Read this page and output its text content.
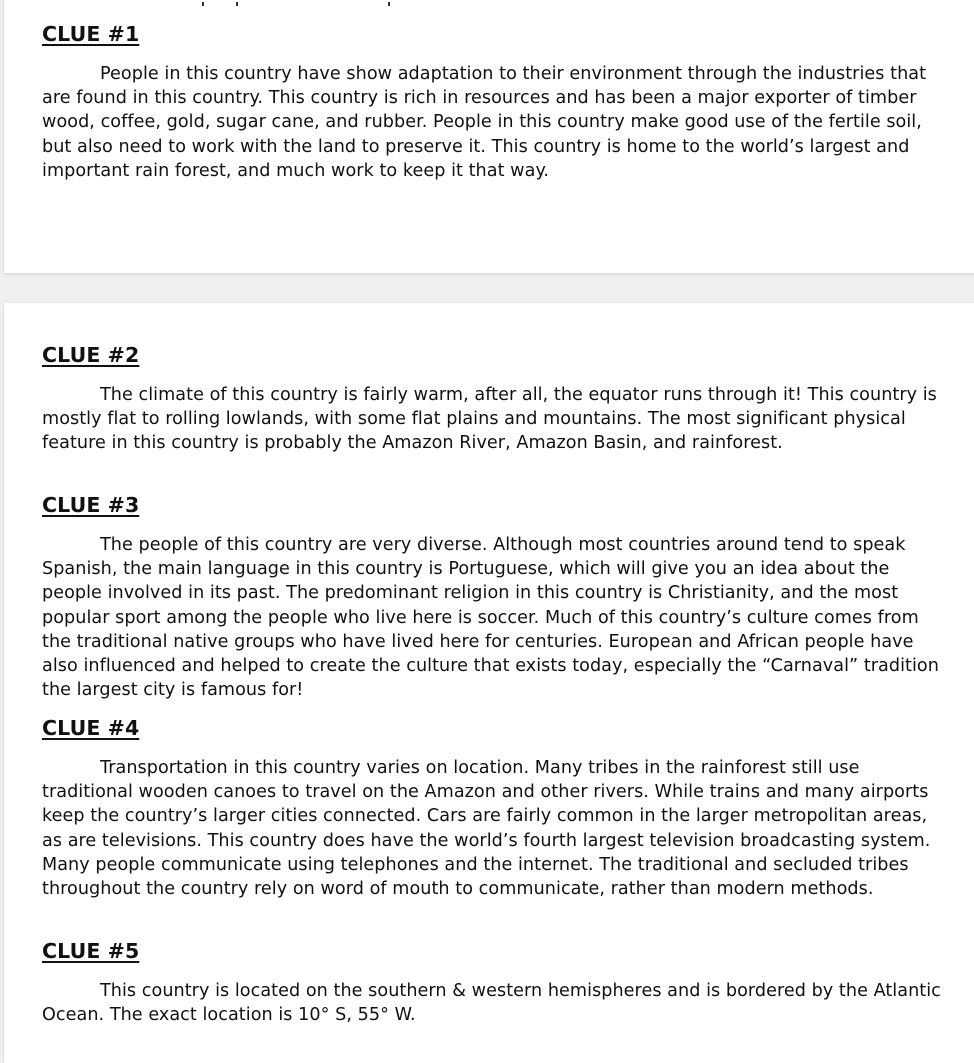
CLUE #1

People in this country have show adaptation to their environment through the industries that are found in this country. This country is rich in resources and has been a major exporter of timber wood, coffee, gold, sugar cane, and rubber. People in this country make good use of the fertile soil, but also need to work with the land to preserve it. This country is home to the world’s largest and important rain forest, and much work to keep it that way.

CLUE #2

The climate of this country is fairly warm, after all, the equator runs through it! This country is mostly flat to rolling lowlands, with some flat plains and mountains. The most significant physical feature in this country is probably the Amazon River, Amazon Basin, and rainforest.

CLUE #3

The people of this country are very diverse. Although most countries around tend to speak Spanish, the main language in this country is Portuguese, which will give you an idea about the people involved in its past. The predominant religion in this country is Christianity, and the most popular sport among the people who live here is soccer. Much of this country’s culture comes from the traditional native groups who have lived here for centuries. European and African people have also influenced and helped to create the culture that exists today, especially the “Carnaval” tradition the largest city is famous for!

CLUE #4

Transportation in this country varies on location. Many tribes in the rainforest still use traditional wooden canoes to travel on the Amazon and other rivers. While trains and many airports keep the country’s larger cities connected. Cars are fairly common in the larger metropolitan areas, as are televisions. This country does have the world’s fourth largest television broadcasting system. Many people communicate using telephones and the internet. The traditional and secluded tribes throughout the country rely on word of mouth to communicate, rather than modern methods.

CLUE #5

This country is located on the southern & western hemispheres and is bordered by the Atlantic Ocean. The exact location is 10° S, 55° W.
